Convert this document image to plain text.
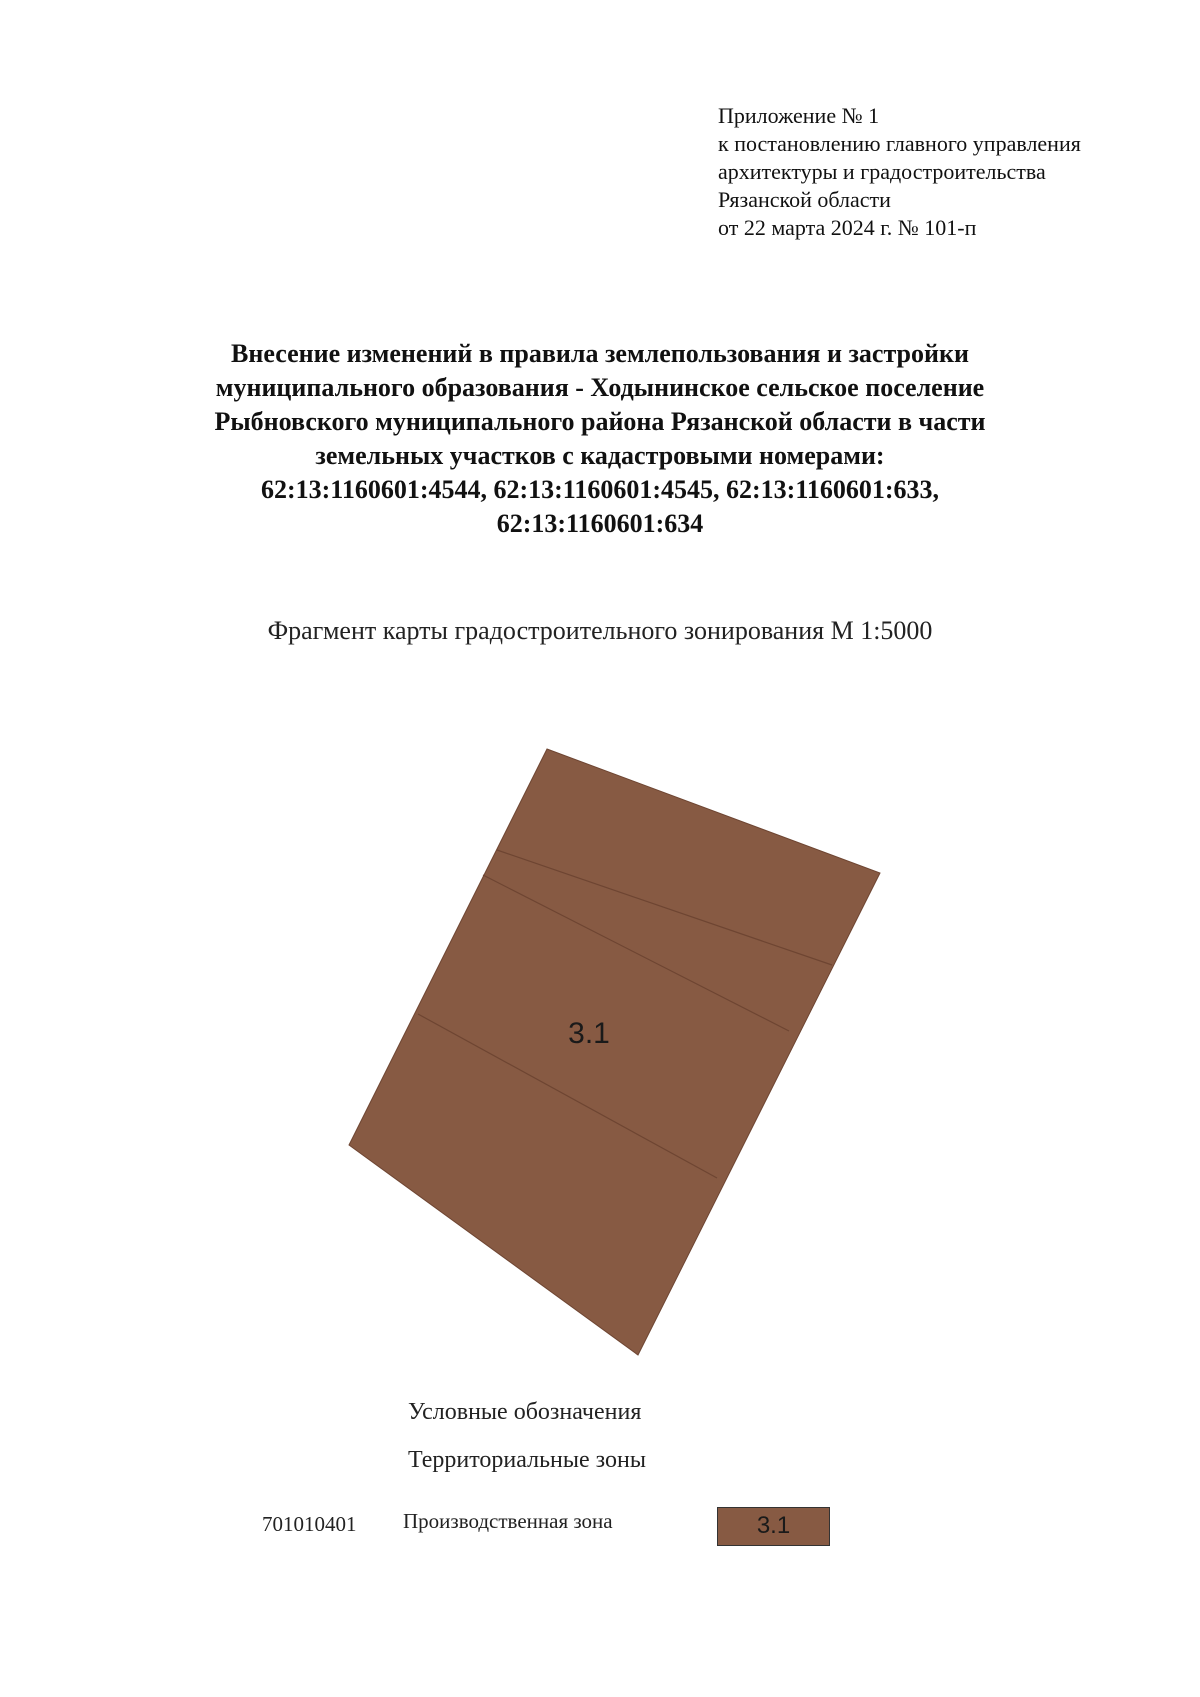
Приложение № 1
к постановлению главного управления
архитектуры и градостроительства
Рязанской области
от 22 марта 2024 г. № 101-п
Внесение изменений в правила землепользования и застройки
муниципального образования - Ходынинское сельское поселение
Рыбновского муниципального района Рязанской области в части
земельных участков с кадастровыми номерами:
62:13:1160601:4544, 62:13:1160601:4545, 62:13:1160601:633,
62:13:1160601:634
Фрагмент карты градостроительного зонирования М 1:5000
3.1
Условные обозначения
Территориальные зоны
701010401 Производственная зона	3.1
